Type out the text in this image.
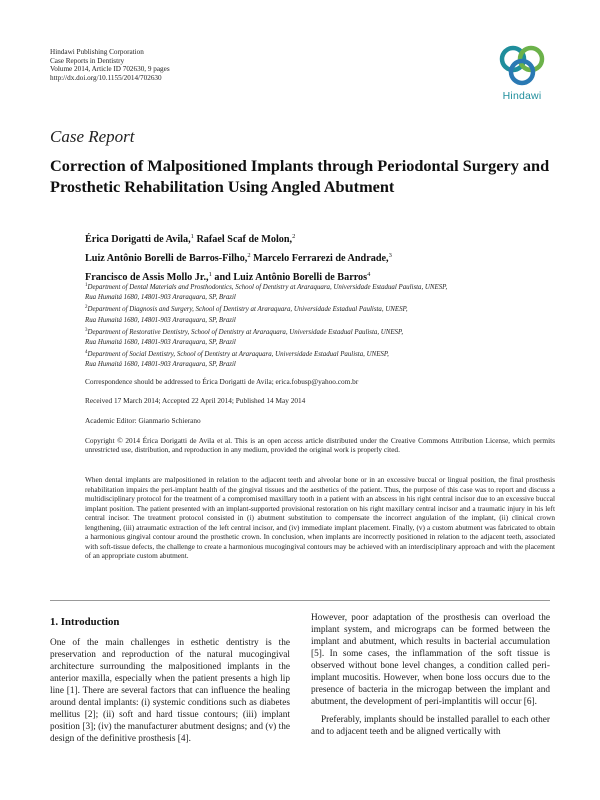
Hindawi Publishing Corporation
Case Reports in Dentistry
Volume 2014, Article ID 702630, 9 pages
http://dx.doi.org/10.1155/2014/702630
Hindawi
Case Report
Correction of Malpositioned Implants through Periodontal Surgery and Prosthetic Rehabilitation Using Angled Abutment
Érica Dorigatti de Avila,$^1$ Rafael Scaf de Molon,$^2$
Luiz Antônio Borelli de Barros-Filho,$^2$ Marcelo Ferrarezi de Andrade,$^3$
Francisco de Assis Mollo Jr.,$^1$ and Luiz Antônio Borelli de Barros$^4$
$^1$Department of Dental Materials and Prosthodontics, School of Dentistry at Araraquara, Universidade Estadual Paulista, UNESP,
Rua Humaitá 1680, 14801-903 Araraquara, SP, Brazil
$^2$Department of Diagnosis and Surgery, School of Dentistry at Araraquara, Universidade Estadual Paulista, UNESP,
Rua Humaitá 1680, 14801-903 Araraquara, SP, Brazil
$^3$Department of Restorative Dentistry, School of Dentistry at Araraquara, Universidade Estadual Paulista, UNESP,
Rua Humaitá 1680, 14801-903 Araraquara, SP, Brazil
$^4$Department of Social Dentistry, School of Dentistry at Araraquara, Universidade Estadual Paulista, UNESP,
Rua Humaitá 1680, 14801-903 Araraquara, SP, Brazil
Correspondence should be addressed to Érica Dorigatti de Avila; erica.fobusp@yahoo.com.br
Received 17 March 2014; Accepted 22 April 2014; Published 14 May 2014
Academic Editor: Gianmario Schierano
Copyright © 2014 Érica Dorigatti de Avila et al. This is an open access article distributed under the Creative Commons Attribution License, which permits unrestricted use, distribution, and reproduction in any medium, provided the original work is properly cited.
When dental implants are malpositioned in relation to the adjacent teeth and alveolar bone or in an excessive buccal or lingual position, the final prosthesis rehabilitation impairs the peri-implant health of the gingival tissues and the aesthetics of the patient. Thus, the purpose of this case was to report and discuss a multidisciplinary protocol for the treatment of a compromised maxillary tooth in a patient with an abscess in his right central incisor due to an excessive buccal implant position. The patient presented with an implant-supported provisional restoration on his right maxillary central incisor and a traumatic injury in his left central incisor. The treatment protocol consisted in (i) abutment substitution to compensate the incorrect angulation of the implant, (ii) clinical crown lengthening, (iii) atraumatic extraction of the left central incisor, and (iv) immediate implant placement. Finally, (v) a custom abutment was fabricated to obtain a harmonious gingival contour around the prosthetic crown. In conclusion, when implants are incorrectly positioned in relation to the adjacent teeth, associated with soft-tissue defects, the challenge to create a harmonious mucogingival contours may be achieved with an interdisciplinary approach and with the placement of an appropriate custom abutment.
1. Introduction

One of the main challenges in esthetic dentistry is the preservation and reproduction of the natural mucogingival architecture surrounding the malpositioned implants in the anterior maxilla, especially when the patient presents a high lip line [1]. There are several factors that can influence the healing around dental implants: (i) systemic conditions such as diabetes mellitus [2]; (ii) soft and hard tissue contours; (iii) implant position [3]; (iv) the manufacturer abutment designs; and (v) the design of the definitive prosthesis [4].

However, poor adaptation of the prosthesis can overload the implant system, and micrograps can be formed between the implant and abutment, which results in bacterial accumulation [5]. In some cases, the inflammation of the soft tissue is observed without bone level changes, a condition called peri-implant mucositis. However, when bone loss occurs due to the presence of bacteria in the microgap between the implant and abutment, the development of peri-implantitis will occur [6].

Preferably, implants should be installed parallel to each other and to adjacent teeth and be aligned vertically with
